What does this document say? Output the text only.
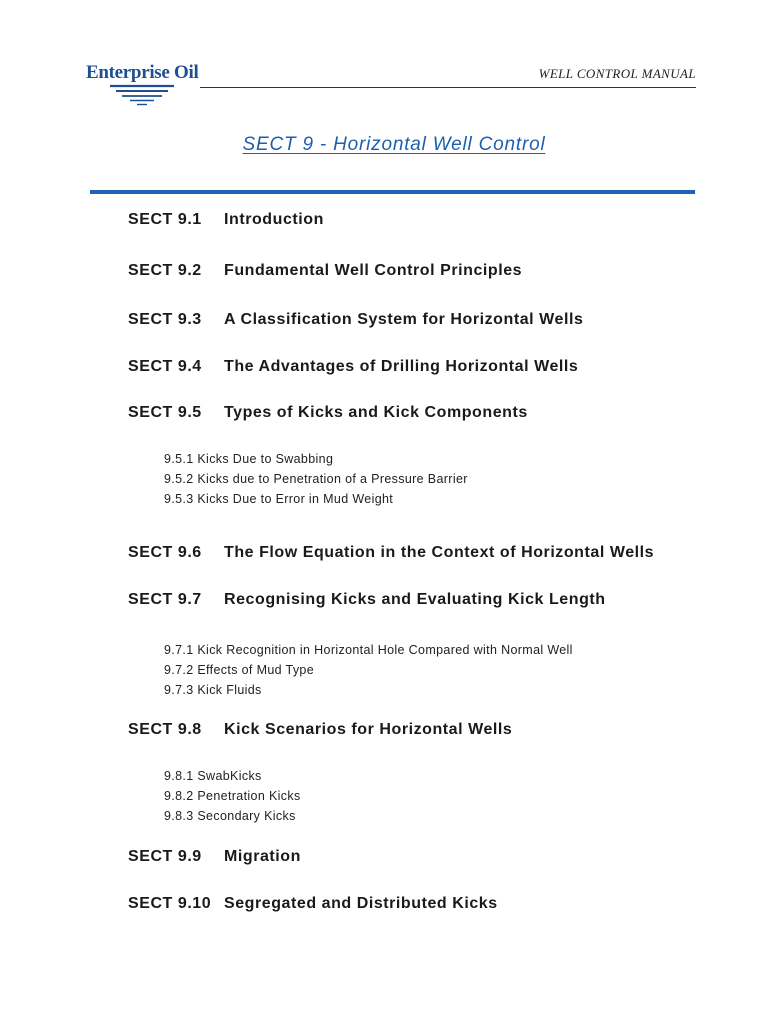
Enterprise Oil	WELL CONTROL MANUAL
SECT 9 - Horizontal Well Control
SECT 9.1 Introduction
SECT 9.2 Fundamental Well Control Principles
SECT 9.3 A Classification System for Horizontal Wells
SECT 9.4 The Advantages of Drilling Horizontal Wells
SECT 9.5 Types of Kicks and Kick Components
9.5.1 Kicks Due to Swabbing
9.5.2 Kicks due to Penetration of a Pressure Barrier
9.5.3 Kicks Due to Error in Mud Weight
SECT 9.6 The Flow Equation in the Context of Horizontal Wells
SECT 9.7 Recognising Kicks and Evaluating Kick Length
9.7.1 Kick Recognition in Horizontal Hole Compared with Normal Well
9.7.2 Effects of Mud Type
9.7.3 Kick Fluids
SECT 9.8 Kick Scenarios for Horizontal Wells
9.8.1 SwabKicks
9.8.2 Penetration Kicks
9.8.3 Secondary Kicks
SECT 9.9 Migration
SECT 9.10 Segregated and Distributed Kicks
